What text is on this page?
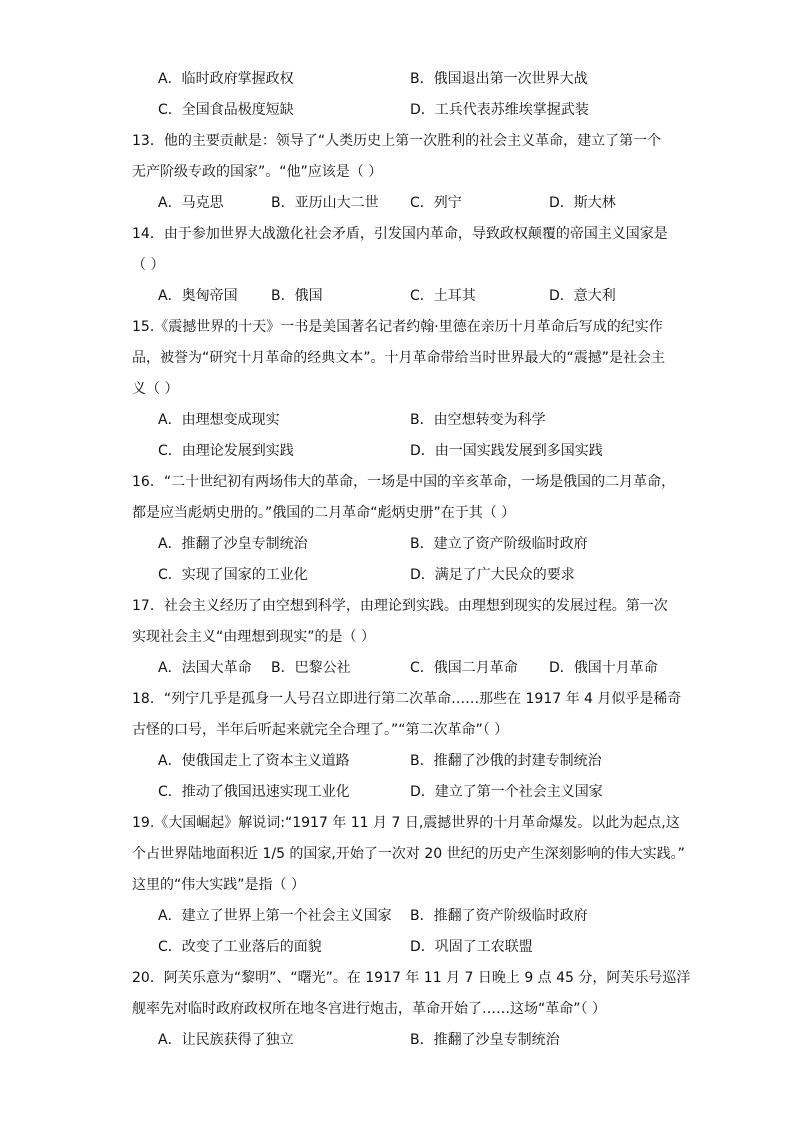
A．临时政府掌握政权	B．俄国退出第一次世界大战
C．全国食品极度短缺	D．工兵代表苏维埃掌握武装
13．他的主要贡献是：领导了“人类历史上第一次胜利的社会主义革命，建立了第一个
无产阶级专政的国家”。“他”应该是（ ）
A．马克思	B．亚历山大二世	C．列宁	D．斯大林
14．由于参加世界大战激化社会矛盾，引发国内革命，导致政权颠覆的帝国主义国家是
（ ）
A．奥匈帝国	B．俄国	C．土耳其	D．意大利
15.《震撼世界的十天》一书是美国著名记者约翰·里德在亲历十月革命后写成的纪实作
品，被誉为“研究十月革命的经典文本”。十月革命带给当时世界最大的“震撼”是社会主
义（ ）
A．由理想变成现实	B．由空想转变为科学
C．由理论发展到实践	D．由一国实践发展到多国实践
16．“二十世纪初有两场伟大的革命，一场是中国的辛亥革命，一场是俄国的二月革命，
都是应当彪炳史册的。”俄国的二月革命“彪炳史册”在于其（ ）
A．推翻了沙皇专制统治	B．建立了资产阶级临时政府
C．实现了国家的工业化	D．满足了广大民众的要求
17．社会主义经历了由空想到科学，由理论到实践。由理想到现实的发展过程。第一次
实现社会主义“由理想到现实”的是（ ）
A．法国大革命	B．巴黎公社	C．俄国二月革命	D．俄国十月革命
18．“列宁几乎是孤身一人号召立即进行第二次革命……那些在 1917 年 4 月似乎是稀奇
古怪的口号，半年后听起来就完全合理了。”“第二次革命”（ ）
A．使俄国走上了资本主义道路	B．推翻了沙俄的封建专制统治
C．推动了俄国迅速实现工业化	D．建立了第一个社会主义国家
19.《大国崛起》解说词:“1917 年 11 月 7 日,震撼世界的十月革命爆发。以此为起点,这
个占世界陆地面积近 1/5 的国家,开始了一次对 20 世纪的历史产生深刻影响的伟大实践。”
这里的“伟大实践”是指（ ）
A．建立了世界上第一个社会主义国家	B．推翻了资产阶级临时政府
C．改变了工业落后的面貌	D．巩固了工农联盟
20．阿芙乐意为“黎明”、“曙光”。在 1917 年 11 月 7 日晚上 9 点 45 分，阿芙乐号巡洋
舰率先对临时政府政权所在地冬宫进行炮击，革命开始了……这场“革命”（ ）
A．让民族获得了独立	B．推翻了沙皇专制统治
